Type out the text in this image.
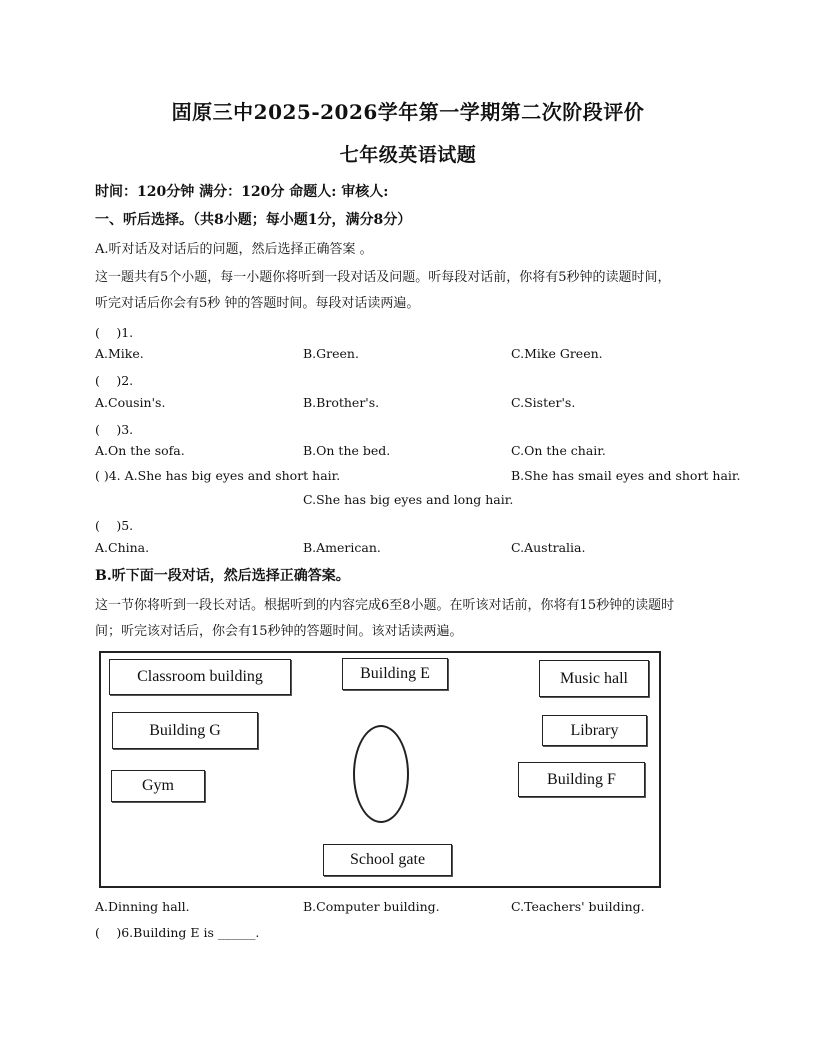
固原三中2025-2026学年第一学期第二次阶段评价
七年级英语试题
时间：120分钟 满分：120分 命题人: 审核人:
一、听后选择。（共8小题；每小题1分，满分8分）
A.听对话及对话后的问题，然后选择正确答案 。
这一题共有5个小题，每一小题你将听到一段对话及问题。听每段对话前，你将有5秒钟的读题时间，
听完对话后你会有5秒 钟的答题时间。每段对话读两遍。
(　 )1.
A.Mike.	B.Green.	C.Mike Green.
(　 )2.
A.Cousin's.	B.Brother's.	C.Sister's.
(　 )3.
A.On the sofa.	B.On the bed.	C.On the chair.
( )4. A.She has big eyes and short hair.	B.She has smail eyes and short hair.
C.She has big eyes and long hair.
(　 )5.
A.China.	B.American.	C.Australia.
B.听下面一段对话，然后选择正确答案。
这一节你将听到一段长对话。根据听到的内容完成6至8小题。在听该对话前，你将有15秒钟的读题时
间；听完该对话后，你会有15秒钟的答题时间。该对话读两遍。
Classroom building	Building E	Music hall
Building G	Library
Gym	Building F
School gate
A.Dinning hall.	B.Computer building.	C.Teachers' building.
(　 )6.Building E is ______.
